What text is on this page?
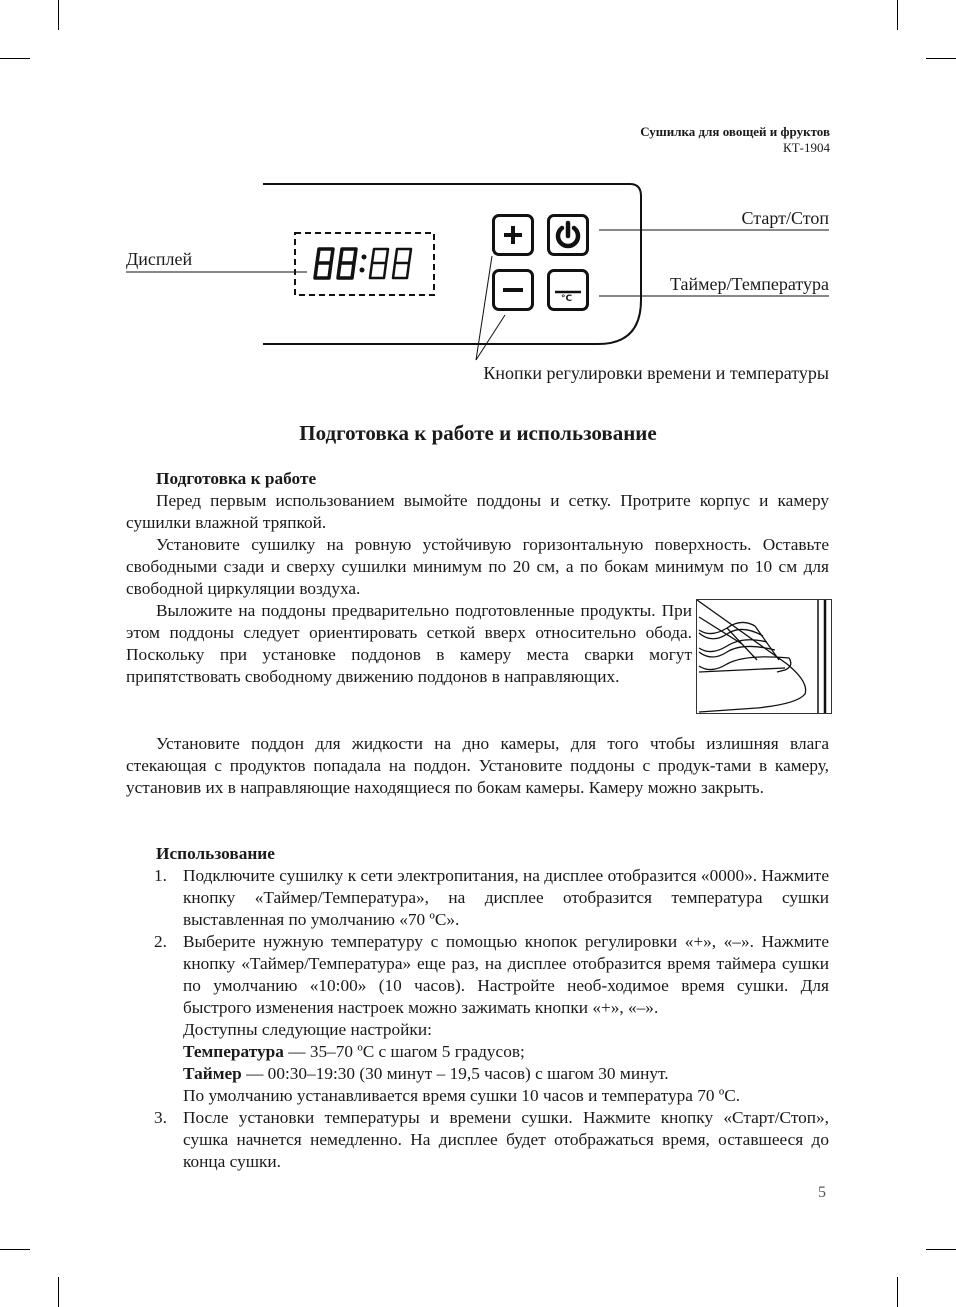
Сушилка для овощей и фруктов
КТ-1904
°C
Дисплей
Старт/Стоп
Таймер/Температура
Кнопки регулировки времени и температуры
Подготовка к работе и использование

Подготовка к работе

Перед первым использованием вымойте поддоны и сетку. Протрите корпус и камеру сушилки влажной тряпкой.

Установите сушилку на ровную устойчивую горизонтальную поверхность. Оставьте свободными сзади и сверху сушилки минимум по 20 см, а по бокам минимум по 10 см для свободной циркуляции воздуха.

Выложите на поддоны предварительно подготовленные продукты. При этом поддоны следует ориентировать сеткой вверх относительно обода. Поскольку при установке поддонов в камеру места сварки могут припятствовать свободному движению поддонов в направляющих.

Установите поддон для жидкости на дно камеры, для того чтобы излишняя влага стекающая с продуктов попадала на поддон. Установите поддоны с продук-тами в камеру, установив их в направляющие находящиеся по бокам камеры. Камеру можно закрыть.

Использование

1. Подключите сушилку к сети электропитания, на дисплее отобразится «0000». Нажмите кнопку «Таймер/Температура», на дисплее отобразится температура сушки выставленная по умолчанию «70 ºС».
2. Выберите нужную температуру с помощью кнопок регулировки «+», «–». Нажмите кнопку «Таймер/Температура» еще раз, на дисплее отобразится время таймера сушки по умолчанию «10:00» (10 часов). Настройте необ-ходимое время сушки. Для быстрого изменения настроек можно зажимать кнопки «+», «–».

Доступны следующие настройки:

Температура — 35–70 ºС с шагом 5 градусов;

Таймер — 00:30–19:30 (30 минут – 19,5 часов) с шагом 30 минут.

По умолчанию устанавливается время сушки 10 часов и температура 70 ºС.

3. После установки температуры и времени сушки. Нажмите кнопку «Старт/Стоп», сушка начнется немедленно. На дисплее будет отображаться время, оставшееся до конца сушки.
5
